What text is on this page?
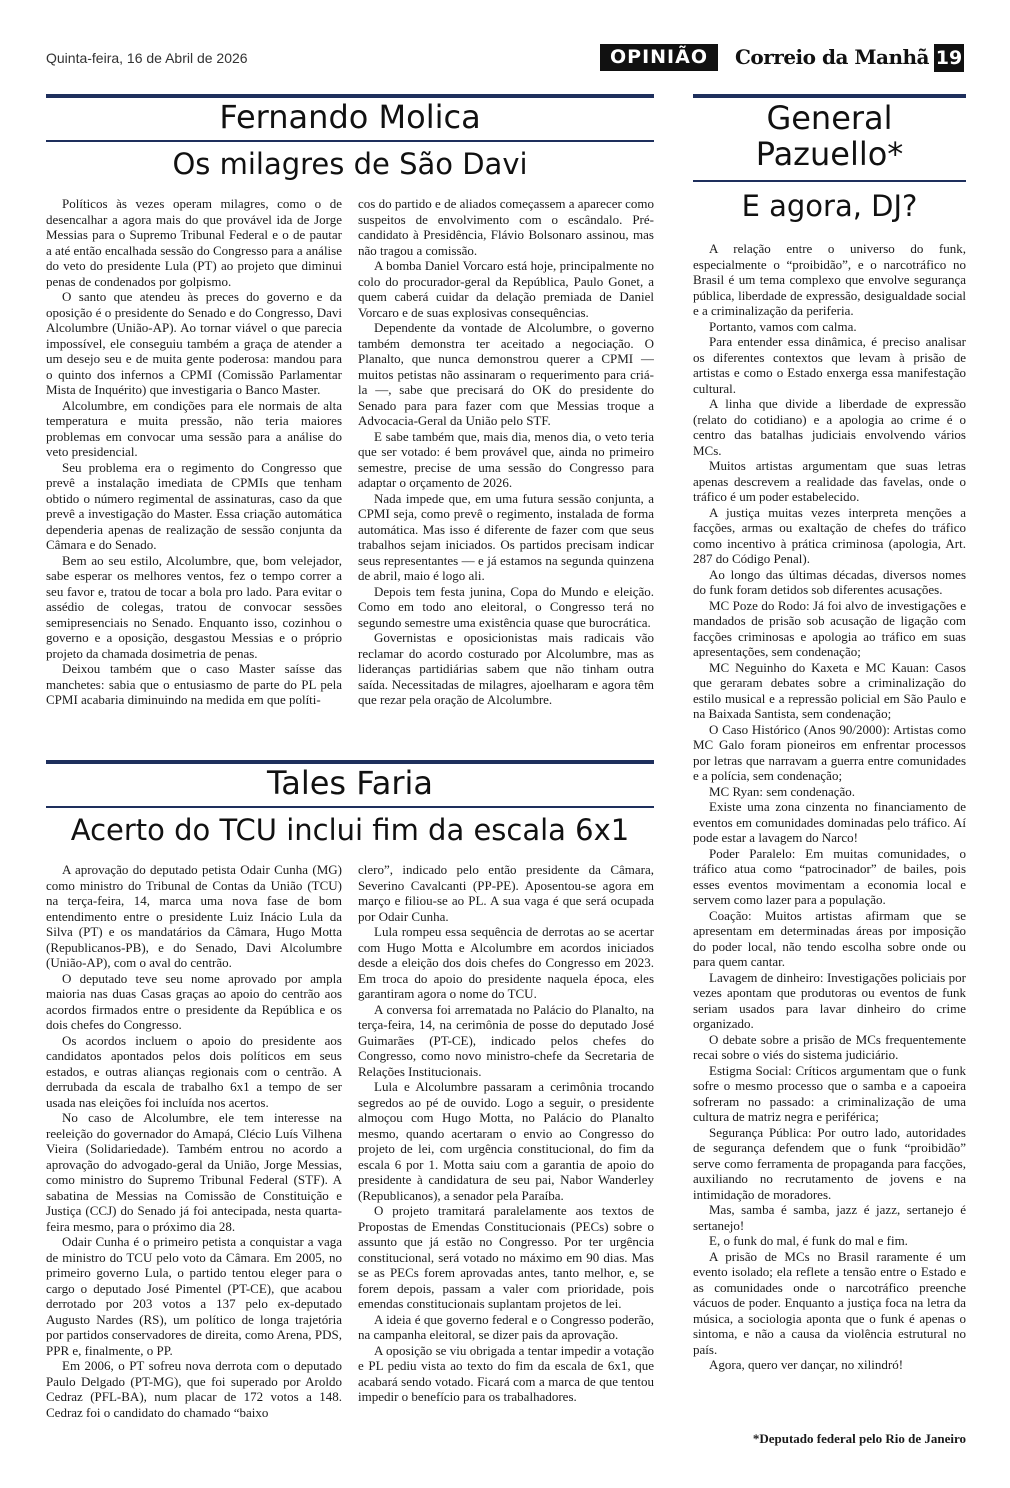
Quinta-feira, 16 de Abril de 2026	OPINIÃO	Correio da Manhã 19
Fernando Molica
Os milagres de São Davi

Políticos às vezes operam milagres, como o de desencalhar a agora mais do que provável ida de Jorge Messias para o Supremo Tribunal Federal e o de pautar a até então encalhada sessão do Congresso para a análise do veto do presidente Lula (PT) ao projeto que diminui penas de condenados por golpismo.

O santo que atendeu às preces do governo e da oposição é o presidente do Senado e do Congresso, Davi Alcolumbre (União-AP). Ao tornar viável o que parecia impossível, ele conseguiu também a graça de atender a um desejo seu e de muita gente poderosa: mandou para o quinto dos infernos a CPMI (Comissão Parlamentar Mista de Inquérito) que investigaria o Banco Master.

Alcolumbre, em condições para ele normais de alta temperatura e muita pressão, não teria maiores problemas em convocar uma sessão para a análise do veto presidencial.

Seu problema era o regimento do Congresso que prevê a instalação imediata de CPMIs que tenham obtido o número regimental de assinaturas, caso da que prevê a investigação do Master. Essa criação automática dependeria apenas de realização de sessão conjunta da Câmara e do Senado.

Bem ao seu estilo, Alcolumbre, que, bom velejador, sabe esperar os melhores ventos, fez o tempo correr a seu favor e, tratou de tocar a bola pro lado. Para evitar o assédio de colegas, tratou de convocar sessões semipresenciais no Senado. Enquanto isso, cozinhou o governo e a oposição, desgastou Messias e o próprio projeto da chamada dosimetria de penas.

Deixou também que o caso Master saísse das manchetes: sabia que o entusiasmo de parte do PL pela CPMI acabaria diminuindo na medida em que políti-

cos do partido e de aliados começassem a aparecer como suspeitos de envolvimento com o escândalo. Pré-candidato à Presidência, Flávio Bolsonaro assinou, mas não tragou a comissão.

A bomba Daniel Vorcaro está hoje, principalmente no colo do procurador-geral da República, Paulo Gonet, a quem caberá cuidar da delação premiada de Daniel Vorcaro e de suas explosivas consequências.

Dependente da vontade de Alcolumbre, o governo também demonstra ter aceitado a negociação. O Planalto, que nunca demonstrou querer a CPMI — muitos petistas não assinaram o requerimento para criá-la —, sabe que precisará do OK do presidente do Senado para para fazer com que Messias troque a Advocacia-Geral da União pelo STF.

E sabe também que, mais dia, menos dia, o veto teria que ser votado: é bem provável que, ainda no primeiro semestre, precise de uma sessão do Congresso para adaptar o orçamento de 2026.

Nada impede que, em uma futura sessão conjunta, a CPMI seja, como prevê o regimento, instalada de forma automática. Mas isso é diferente de fazer com que seus trabalhos sejam iniciados. Os partidos precisam indicar seus representantes — e já estamos na segunda quinzena de abril, maio é logo ali.

Depois tem festa junina, Copa do Mundo e eleição. Como em todo ano eleitoral, o Congresso terá no segundo semestre uma existência quase que burocrática.

Governistas e oposicionistas mais radicais vão reclamar do acordo costurado por Alcolumbre, mas as lideranças partidiárias sabem que não tinham outra saída. Necessitadas de milagres, ajoelharam e agora têm que rezar pela oração de Alcolumbre.

Tales Faria
Acerto do TCU inclui fim da escala 6x1

A aprovação do deputado petista Odair Cunha (MG) como ministro do Tribunal de Contas da União (TCU) na terça-feira, 14, marca uma nova fase de bom entendimento entre o presidente Luiz Inácio Lula da Silva (PT) e os mandatários da Câmara, Hugo Motta (Republicanos-PB), e do Senado, Davi Alcolumbre (União-AP), com o aval do centrão.

O deputado teve seu nome aprovado por ampla maioria nas duas Casas graças ao apoio do centrão aos acordos firmados entre o presidente da República e os dois chefes do Congresso.

Os acordos incluem o apoio do presidente aos candidatos apontados pelos dois políticos em seus estados, e outras alianças regionais com o centrão. A derrubada da escala de trabalho 6x1 a tempo de ser usada nas eleições foi incluída nos acertos.

No caso de Alcolumbre, ele tem interesse na reeleição do governador do Amapá, Clécio Luís Vilhena Vieira (Solidariedade). Também entrou no acordo a aprovação do advogado-geral da União, Jorge Messias, como ministro do Supremo Tribunal Federal (STF). A sabatina de Messias na Comissão de Constituição e Justiça (CCJ) do Senado já foi antecipada, nesta quarta-feira mesmo, para o próximo dia 28.

Odair Cunha é o primeiro petista a conquistar a vaga de ministro do TCU pelo voto da Câmara. Em 2005, no primeiro governo Lula, o partido tentou eleger para o cargo o deputado José Pimentel (PT-CE), que acabou derrotado por 203 votos a 137 pelo ex-deputado Augusto Nardes (RS), um político de longa trajetória por partidos conservadores de direita, como Arena, PDS, PPR e, finalmente, o PP.

Em 2006, o PT sofreu nova derrota com o deputado Paulo Delgado (PT-MG), que foi superado por Aroldo Cedraz (PFL-BA), num placar de 172 votos a 148. Cedraz foi o candidato do chamado “baixo

clero”, indicado pelo então presidente da Câmara, Severino Cavalcanti (PP-PE). Aposentou-se agora em março e filiou-se ao PL. A sua vaga é que será ocupada por Odair Cunha.

Lula rompeu essa sequência de derrotas ao se acertar com Hugo Motta e Alcolumbre em acordos iniciados desde a eleição dos dois chefes do Congresso em 2023. Em troca do apoio do presidente naquela época, eles garantiram agora o nome do TCU.

A conversa foi arrematada no Palácio do Planalto, na terça-feira, 14, na cerimônia de posse do deputado José Guimarães (PT-CE), indicado pelos chefes do Congresso, como novo ministro-chefe da Secretaria de Relações Institucionais.

Lula e Alcolumbre passaram a cerimônia trocando segredos ao pé de ouvido. Logo a seguir, o presidente almoçou com Hugo Motta, no Palácio do Planalto mesmo, quando acertaram o envio ao Congresso do projeto de lei, com urgência constitucional, do fim da escala 6 por 1. Motta saiu com a garantia de apoio do presidente à candidatura de seu pai, Nabor Wanderley (Republicanos), a senador pela Paraíba.

O projeto tramitará paralelamente aos textos de Propostas de Emendas Constitucionais (PECs) sobre o assunto que já estão no Congresso. Por ter urgência constitucional, será votado no máximo em 90 dias. Mas se as PECs forem aprovadas antes, tanto melhor, e, se forem depois, passam a valer com prioridade, pois emendas constitucionais suplantam projetos de lei.

A ideia é que governo federal e o Congresso poderão, na campanha eleitoral, se dizer pais da aprovação.

A oposição se viu obrigada a tentar impedir a votação e PL pediu vista ao texto do fim da escala de 6x1, que acabará sendo votado. Ficará com a marca de que tentou impedir o benefício para os trabalhadores.

General Pazuello*
E agora, DJ?

A relação entre o universo do funk, especialmente o “proibidão”, e o narcotráfico no Brasil é um tema complexo que envolve segurança pública, liberdade de expressão, desigualdade social e a criminalização da periferia.

Portanto, vamos com calma.

Para entender essa dinâmica, é preciso analisar os diferentes contextos que levam à prisão de artistas e como o Estado enxerga essa manifestação cultural.

A linha que divide a liberdade de expressão (relato do cotidiano) e a apologia ao crime é o centro das batalhas judiciais envolvendo vários MCs.

Muitos artistas argumentam que suas letras apenas descrevem a realidade das favelas, onde o tráfico é um poder estabelecido.

A justiça muitas vezes interpreta menções a facções, armas ou exaltação de chefes do tráfico como incentivo à prática criminosa (apologia, Art. 287 do Código Penal).

Ao longo das últimas décadas, diversos nomes do funk foram detidos sob diferentes acusações.

MC Poze do Rodo: Já foi alvo de investigações e mandados de prisão sob acusação de ligação com facções criminosas e apologia ao tráfico em suas apresentações, sem condenação;

MC Neguinho do Kaxeta e MC Kauan: Casos que geraram debates sobre a criminalização do estilo musical e a repressão policial em São Paulo e na Baixada Santista, sem condenação;

O Caso Histórico (Anos 90/2000): Artistas como MC Galo foram pioneiros em enfrentar processos por letras que narravam a guerra entre comunidades e a polícia, sem condenação;

MC Ryan: sem condenação.

Existe uma zona cinzenta no financiamento de eventos em comunidades dominadas pelo tráfico. Aí pode estar a lavagem do Narco!

Poder Paralelo: Em muitas comunidades, o tráfico atua como “patrocinador” de bailes, pois esses eventos movimentam a economia local e servem como lazer para a população.

Coação: Muitos artistas afirmam que se apresentam em determinadas áreas por imposição do poder local, não tendo escolha sobre onde ou para quem cantar.

Lavagem de dinheiro: Investigações policiais por vezes apontam que produtoras ou eventos de funk seriam usados para lavar dinheiro do crime organizado.

O debate sobre a prisão de MCs frequentemente recai sobre o viés do sistema judiciário.

Estigma Social: Críticos argumentam que o funk sofre o mesmo processo que o samba e a capoeira sofreram no passado: a criminalização de uma cultura de matriz negra e periférica;

Segurança Pública: Por outro lado, autoridades de segurança defendem que o funk “proibidão” serve como ferramenta de propaganda para facções, auxiliando no recrutamento de jovens e na intimidação de moradores.

Mas, samba é samba, jazz é jazz, sertanejo é sertanejo!

E, o funk do mal, é funk do mal e fim.

A prisão de MCs no Brasil raramente é um evento isolado; ela reflete a tensão entre o Estado e as comunidades onde o narcotráfico preenche vácuos de poder. Enquanto a justiça foca na letra da música, a sociologia aponta que o funk é apenas o sintoma, e não a causa da violência estrutural no país.

Agora, quero ver dançar, no xilindró!

*Deputado federal pelo Rio de Janeiro
